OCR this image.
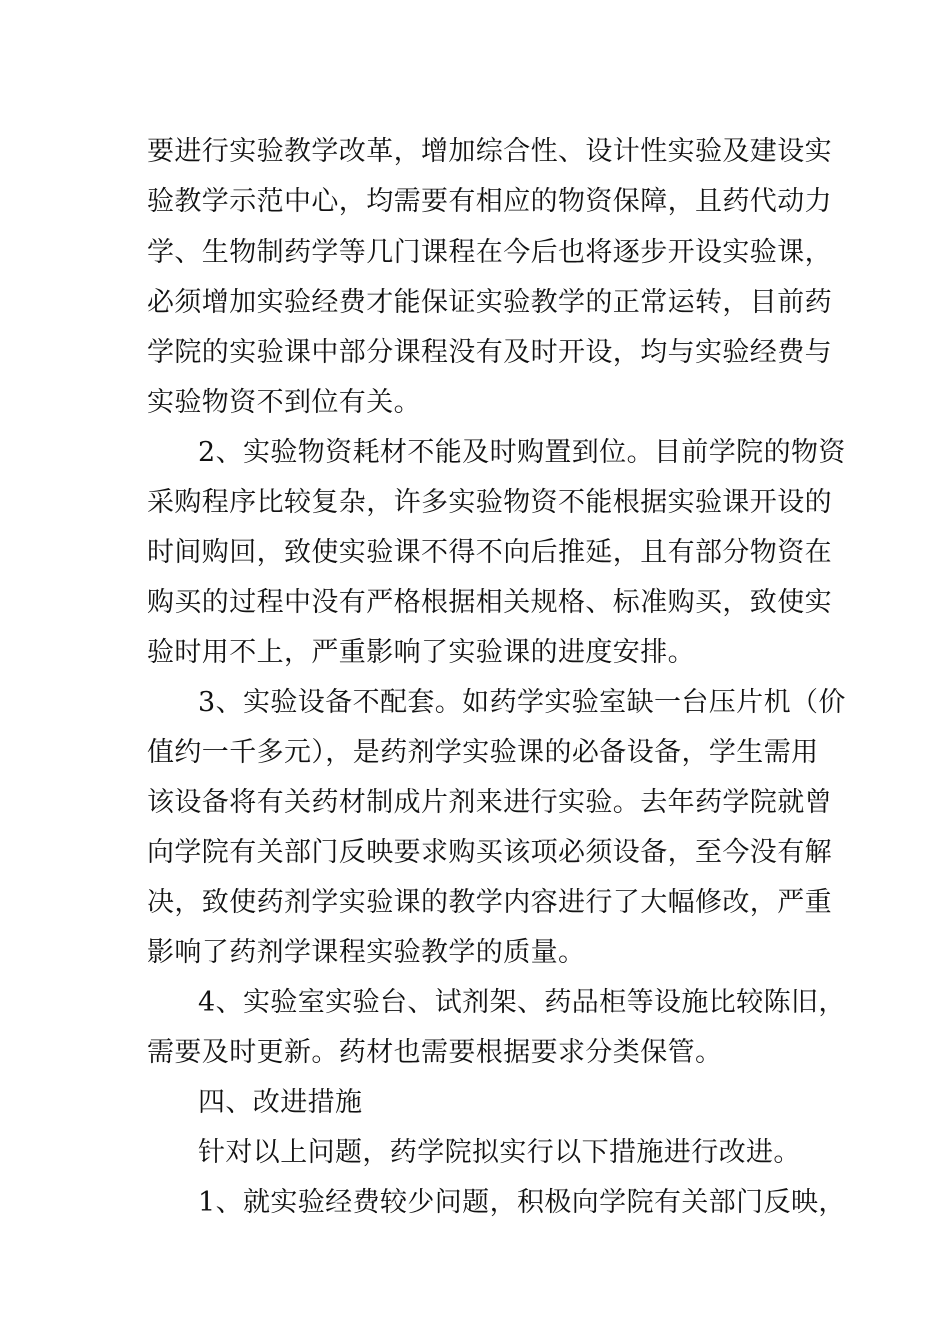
要进行实验教学改革，增加综合性、设计性实验及建设实
验教学示范中心，均需要有相应的物资保障，且药代动力
学、生物制药学等几门课程在今后也将逐步开设实验课，
必须增加实验经费才能保证实验教学的正常运转，目前药
学院的实验课中部分课程没有及时开设，均与实验经费与
实验物资不到位有关。
2、实验物资耗材不能及时购置到位。目前学院的物资
采购程序比较复杂，许多实验物资不能根据实验课开设的
时间购回，致使实验课不得不向后推延，且有部分物资在
购买的过程中没有严格根据相关规格、标准购买，致使实
验时用不上，严重影响了实验课的进度安排。
3、实验设备不配套。如药学实验室缺一台压片机（价
值约一千多元），是药剂学实验课的必备设备，学生需用
该设备将有关药材制成片剂来进行实验。去年药学院就曾
向学院有关部门反映要求购买该项必须设备，至今没有解
决，致使药剂学实验课的教学内容进行了大幅修改，严重
影响了药剂学课程实验教学的质量。
4、实验室实验台、试剂架、药品柜等设施比较陈旧，
需要及时更新。药材也需要根据要求分类保管。
四、改进措施
针对以上问题，药学院拟实行以下措施进行改进。
1、就实验经费较少问题，积极向学院有关部门反映，
